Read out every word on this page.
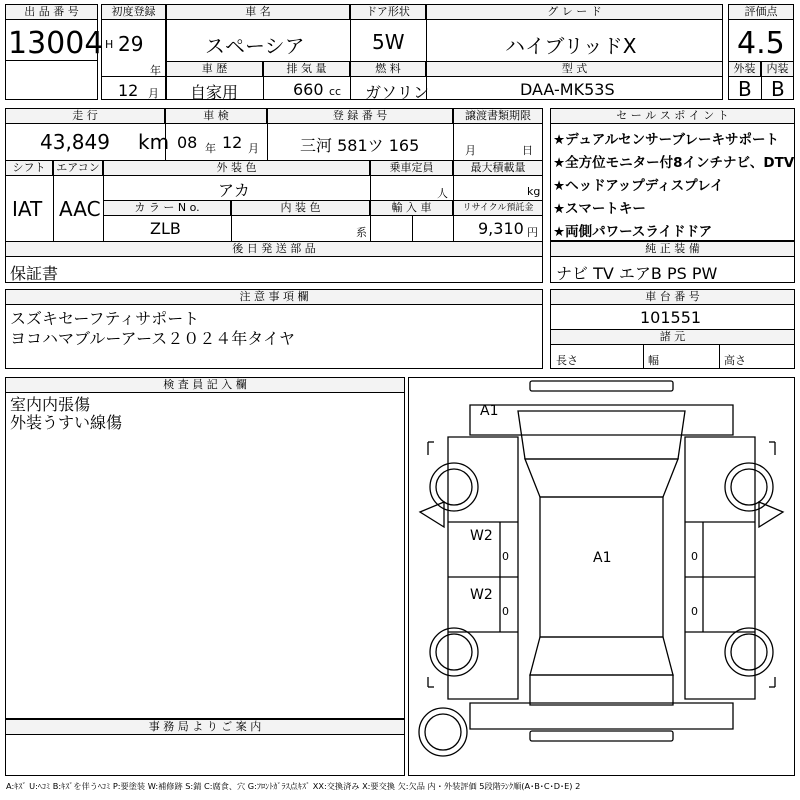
出 品 番 号
13004
初度登録
H 29
年
12 月
車 名
スペーシア
ドア形状
5W
グ レ ー ド
ハイブリッドX
車 歴	排 気 量	燃 料	型 式
自家用	660 cc ガソリン	DAA-MK53S
評価点
4.5
外装	内装
B B
走 行	車 検	登 録 番 号	譲渡書類期限
43,849 km 08 年 12 月	三河 581ツ 165	月	日
シフト エアコン
IAT AAC
外 装 色	乗車定員	最大積載量
アカ	人	kg
カ ラ ー N o.	内 装 色	輸 入 車	リサイクル預託金
ZLB	系	9,310 円
後 日 発 送 部 品
保証書
セ ー ル ス ポ イ ン ト
★デュアルセンサーブレーキサポート
★全方位モニター付8インチナビ、DTV
★ヘッドアップディスプレイ
★スマートキー
★両側パワースライドドア
純 正 装 備
ナビ TV エアB PS PW
注 意 事 項 欄
スズキセーフティサポート
ヨコハマブルーアース２０２４年タイヤ
車 台 番 号
101551
諸 元
長さ	幅	高さ
検 査 員 記 入 欄
室内内張傷
外装うすい線傷
事 務 局 よ り ご 案 内
A1
A1
W2
W2
0
0
0
0
A:ｷｽﾞ U:ﾍｺﾐ B:ｷｽﾞを伴うﾍｺﾐ P:要塗装 W:補修跡 S:錆 C:腐食、穴 G:ﾌﾛﾝﾄｶﾞﾗｽ点ｷｽﾞ XX:交換済み X:要交換 欠:欠品 内・外装評価 5段階ﾗﾝｸ順(A･B･C･D･E) 2
